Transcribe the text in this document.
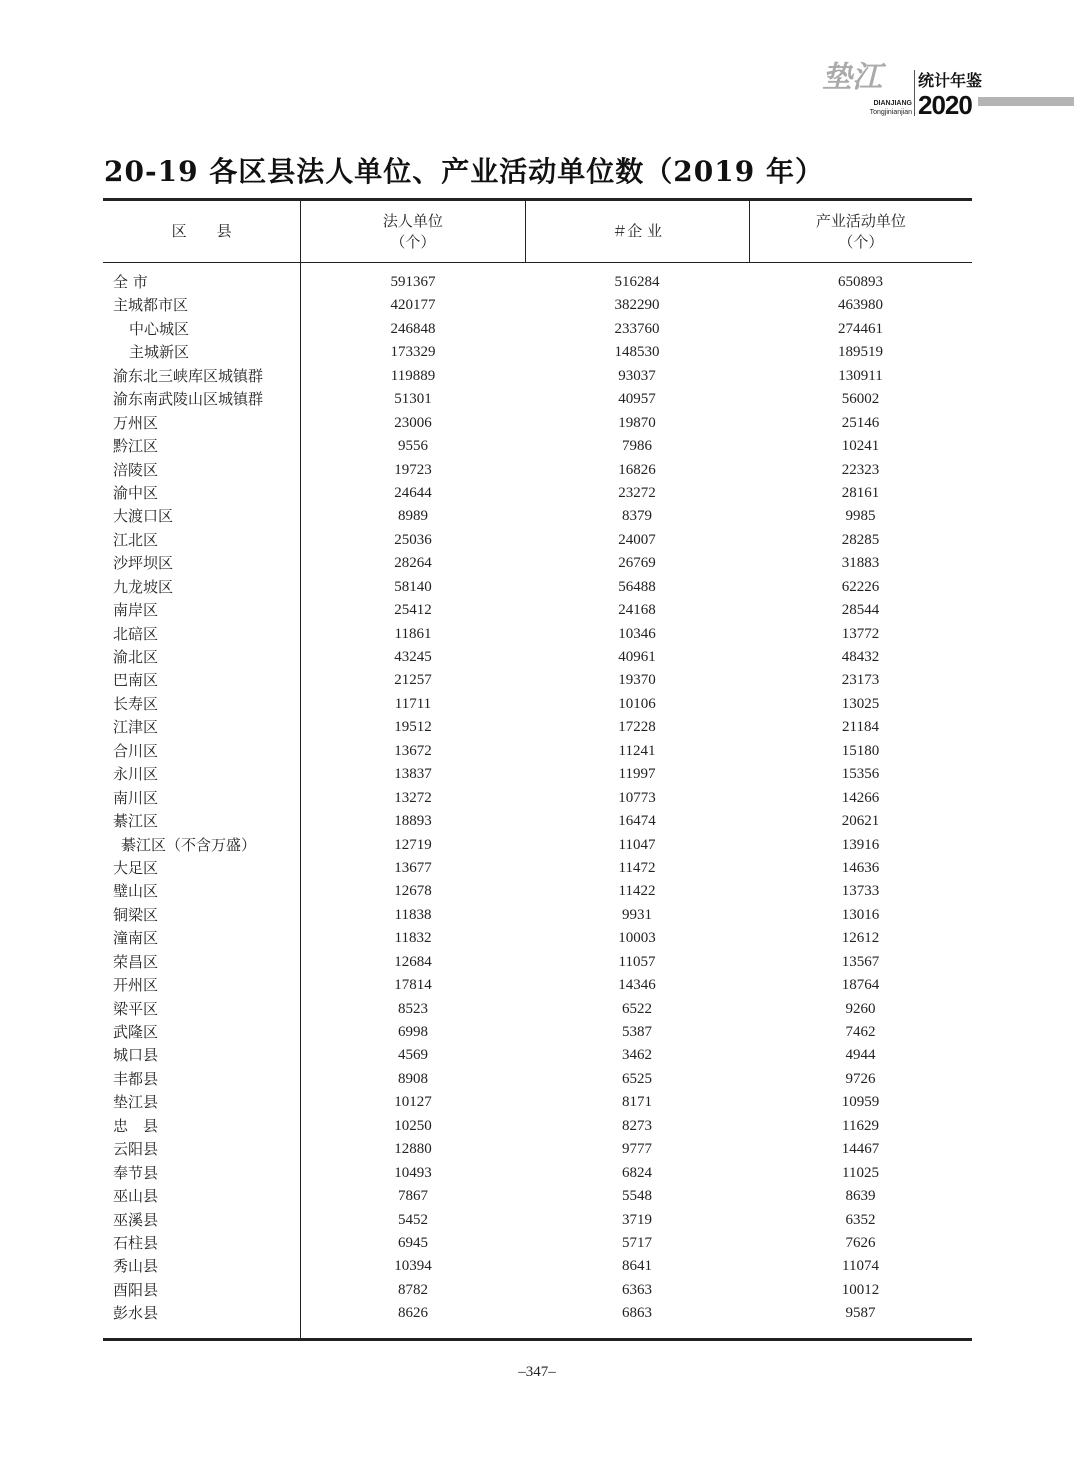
垫江
DIANJIANG
Tongjinianjian
统计年鉴
2020
20-19 各区县法人单位、产业活动单位数（2019 年）
区　　县
法人单位
（个）
＃企 业
产业活动单位
（个）
全 市	591367	516284	650893
主城都市区	420177	382290	463980
中心城区	246848	233760	274461
主城新区	173329	148530	189519
渝东北三峡库区城镇群	119889	93037	130911
渝东南武陵山区城镇群	51301	40957	56002
万州区	23006	19870	25146
黔江区	9556	7986	10241
涪陵区	19723	16826	22323
渝中区	24644	23272	28161
大渡口区	8989	8379	9985
江北区	25036	24007	28285
沙坪坝区	28264	26769	31883
九龙坡区	58140	56488	62226
南岸区	25412	24168	28544
北碚区	11861	10346	13772
渝北区	43245	40961	48432
巴南区	21257	19370	23173
长寿区	11711	10106	13025
江津区	19512	17228	21184
合川区	13672	11241	15180
永川区	13837	11997	15356
南川区	13272	10773	14266
綦江区	18893	16474	20621
綦江区（不含万盛）	12719	11047	13916
大足区	13677	11472	14636
璧山区	12678	11422	13733
铜梁区	11838	9931	13016
潼南区	11832	10003	12612
荣昌区	12684	11057	13567
开州区	17814	14346	18764
梁平区	8523	6522	9260
武隆区	6998	5387	7462
城口县	4569	3462	4944
丰都县	8908	6525	9726
垫江县	10127	8171	10959
忠　县	10250	8273	11629
云阳县	12880	9777	14467
奉节县	10493	6824	11025
巫山县	7867	5548	8639
巫溪县	5452	3719	6352
石柱县	6945	5717	7626
秀山县	10394	8641	11074
酉阳县	8782	6363	10012
彭水县	8626	6863	9587
–347–
